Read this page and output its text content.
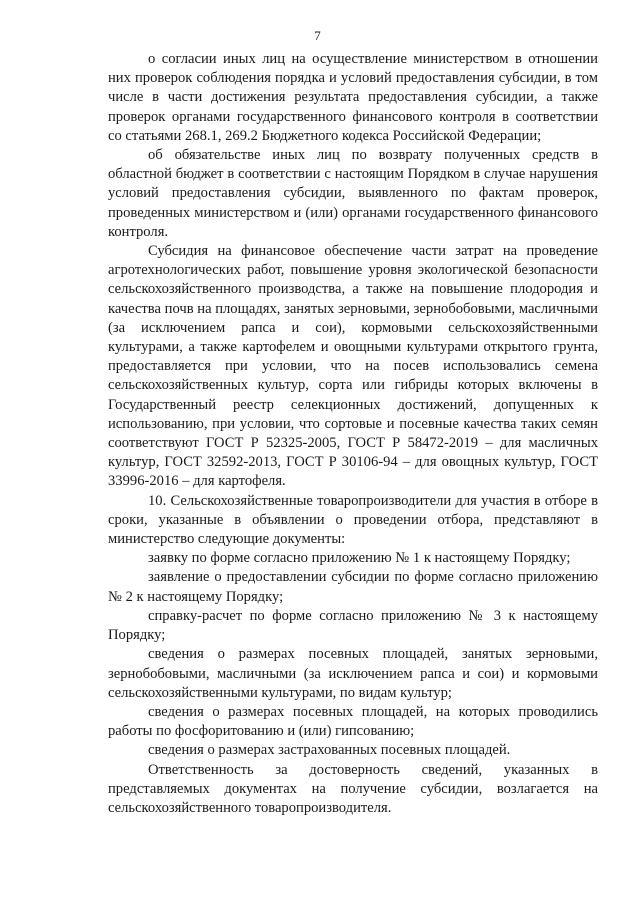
7

о согласии иных лиц на осуществление министерством в отношении них проверок соблюдения порядка и условий предоставления субсидии, в том числе в части достижения результата предоставления субсидии, а также проверок органами государственного финансового контроля в соответствии со статьями 268.1, 269.2 Бюджетного кодекса Российской Федерации;

об обязательстве иных лиц по возврату полученных средств в областной бюджет в соответствии с настоящим Порядком в случае нарушения условий предоставления субсидии, выявленного по фактам проверок, проведенных министерством и (или) органами государственного финансового контроля.

Субсидия на финансовое обеспечение части затрат на проведение агротехнологических работ, повышение уровня экологической безопасности сельскохозяйственного производства, а также на повышение плодородия и качества почв на площадях, занятых зерновыми, зернобобовыми, масличными (за исключением рапса и сои), кормовыми сельскохозяйственными культурами, а также картофелем и овощными культурами открытого грунта, предоставляется при условии, что на посев использовались семена сельскохозяйственных культур, сорта или гибриды которых включены в Государственный реестр селекционных достижений, допущенных к использованию, при условии, что сортовые и посевные качества таких семян соответствуют ГОСТ Р 52325-2005, ГОСТ Р 58472-2019 – для масличных культур, ГОСТ 32592-2013, ГОСТ Р 30106-94 – для овощных культур, ГОСТ 33996-2016 – для картофеля.

10. Сельскохозяйственные товаропроизводители для участия в отборе в сроки, указанные в объявлении о проведении отбора, представляют в министерство следующие документы:

заявку по форме согласно приложению № 1 к настоящему Порядку;

заявление о предоставлении субсидии по форме согласно приложению № 2 к настоящему Порядку;

справку-расчет по форме согласно приложению № 3 к настоящему Порядку;

сведения о размерах посевных площадей, занятых зерновыми, зернобобовыми, масличными (за исключением рапса и сои) и кормовыми сельскохозяйственными культурами, по видам культур;

сведения о размерах посевных площадей, на которых проводились работы по фосфоритованию и (или) гипсованию;

сведения о размерах застрахованных посевных площадей.

Ответственность за достоверность сведений, указанных в представляемых документах на получение субсидии, возлагается на сельскохозяйственного товаропроизводителя.
